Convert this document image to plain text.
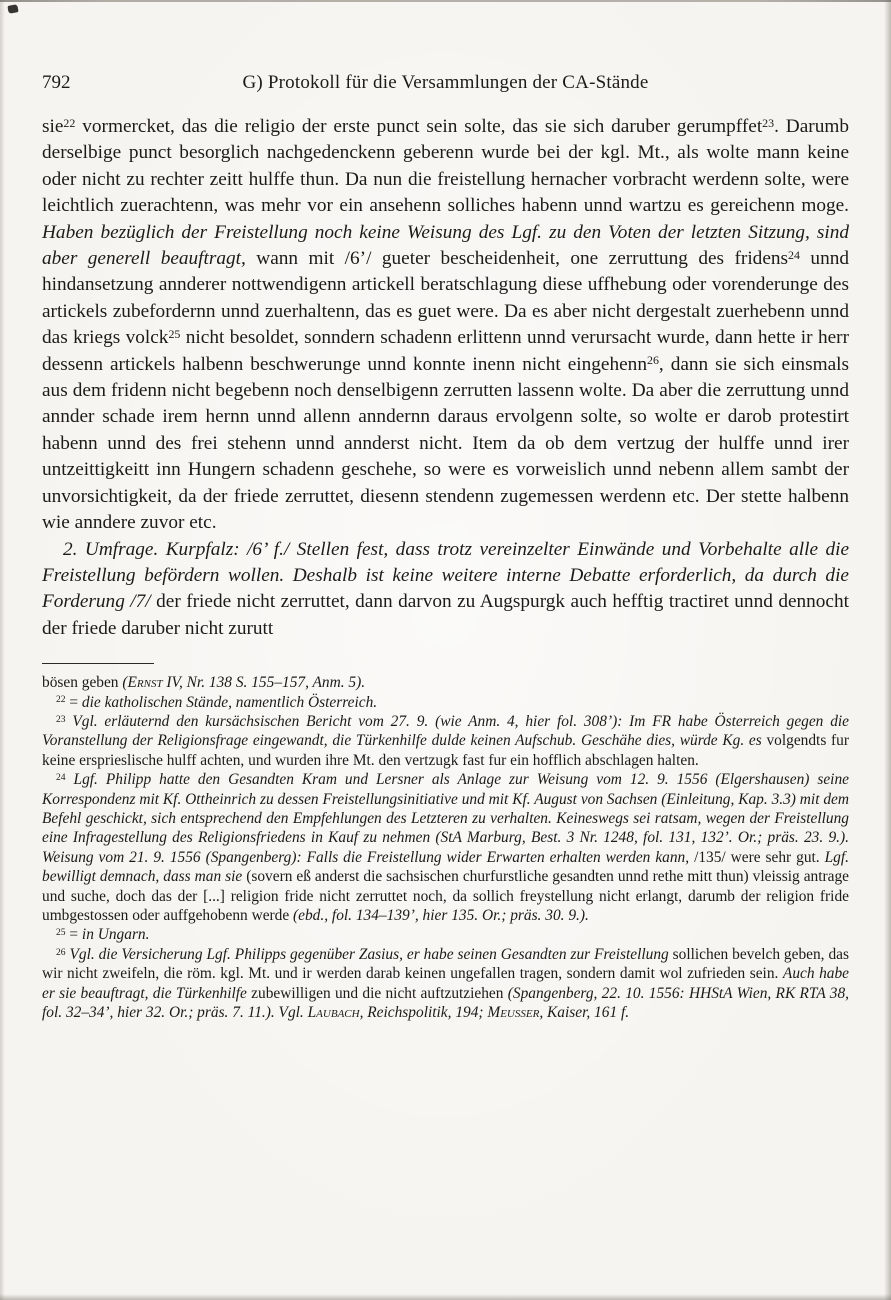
792	G) Protokoll für die Versammlungen der CA-Stände

sie$^{22}$ vormercket, das die religio der erste punct sein solte, das sie sich daruber gerumpffet$^{23}$. Darumb derselbige punct besorglich nachgedenckenn geberenn wurde bei der kgl. Mt., als wolte mann keine oder nicht zu rechter zeitt hulffe thun. Da nun die freistellung hernacher vorbracht werdenn solte, were leichtlich zuerachtenn, was mehr vor ein ansehenn solliches habenn unnd wartzu es gereichenn moge. Haben bezüglich der Freistellung noch keine Weisung des Lgf. zu den Voten der letzten Sitzung, sind aber generell beauftragt, wann mit /6’/ gueter bescheidenheit, one zerruttung des fridens$^{24}$ unnd hindansetzung annderer nottwendigenn artickell beratschlagung diese uffhebung oder vorenderunge des artickels zubefordernn unnd zuerhaltenn, das es guet were. Da es aber nicht dergestalt zuerhebenn unnd das kriegs volck$^{25}$ nicht besoldet, sonndern schadenn erlittenn unnd verursacht wurde, dann hette ir herr dessenn artickels halbenn beschwerunge unnd konnte inenn nicht eingehenn$^{26}$, dann sie sich einsmals aus dem fridenn nicht begebenn noch denselbigenn zerrutten lassenn wolte. Da aber die zerruttung unnd annder schade irem hernn unnd allenn anndernn daraus ervolgenn solte, so wolte er darob protestirt habenn unnd des frei stehenn unnd annderst nicht. Item da ob dem vertzug der hulffe unnd irer untzeittigkeitt inn Hungern schadenn geschehe, so were es vorweislich unnd nebenn allem sambt der unvorsichtigkeit, da der friede zerruttet, diesenn stendenn zugemessen werdenn etc. Der stette halbenn wie anndere zuvor etc.

2. Umfrage. Kurpfalz: /6’ f./ Stellen fest, dass trotz vereinzelter Einwände und Vorbehalte alle die Freistellung befördern wollen. Deshalb ist keine weitere interne Debatte erforderlich, da durch die Forderung /7/ der friede nicht zerruttet, dann darvon zu Augspurgk auch hefftig tractiret unnd dennocht der friede daruber nicht zurutt

bösen geben (Ernst IV, Nr. 138 S. 155–157, Anm. 5).

$^{22}$ = die katholischen Stände, namentlich Österreich.

$^{23}$ Vgl. erläuternd den kursächsischen Bericht vom 27. 9. (wie Anm. 4, hier fol. 308’): Im FR habe Österreich gegen die Voranstellung der Religionsfrage eingewandt, die Türkenhilfe dulde keinen Aufschub. Geschähe dies, würde Kg. es volgendts fur keine ersprieslische hulff achten, und wurden ihre Mt. den vertzugk fast fur ein hofflich abschlagen halten.

$^{24}$ Lgf. Philipp hatte den Gesandten Kram und Lersner als Anlage zur Weisung vom 12. 9. 1556 (Elgershausen) seine Korrespondenz mit Kf. Ottheinrich zu dessen Freistellungsinitiative und mit Kf. August von Sachsen (Einleitung, Kap. 3.3) mit dem Befehl geschickt, sich entsprechend den Empfehlungen des Letzteren zu verhalten. Keineswegs sei ratsam, wegen der Freistellung eine Infragestellung des Religionsfriedens in Kauf zu nehmen (StA Marburg, Best. 3 Nr. 1248, fol. 131, 132’. Or.; präs. 23. 9.). Weisung vom 21. 9. 1556 (Spangenberg): Falls die Freistellung wider Erwarten erhalten werden kann, /135/ were sehr gut. Lgf. bewilligt demnach, dass man sie (sovern eß anderst die sachsischen churfurstliche gesandten unnd rethe mitt thun) vleissig antrage und suche, doch das der [...] religion fride nicht zerruttet noch, da sollich freystellung nicht erlangt, darumb der religion fride umbgestossen oder auffgehobenn werde (ebd., fol. 134–139’, hier 135. Or.; präs. 30. 9.).

$^{25}$ = in Ungarn.

$^{26}$ Vgl. die Versicherung Lgf. Philipps gegenüber Zasius, er habe seinen Gesandten zur Freistellung sollichen bevelch geben, das wir nicht zweifeln, die röm. kgl. Mt. und ir werden darab keinen ungefallen tragen, sondern damit wol zufrieden sein. Auch habe er sie beauftragt, die Türkenhilfe zubewilligen und die nicht auftzutziehen (Spangenberg, 22. 10. 1556: HHStA Wien, RK RTA 38, fol. 32–34’, hier 32. Or.; präs. 7. 11.). Vgl. Laubach, Reichspolitik, 194; Meusser, Kaiser, 161 f.
